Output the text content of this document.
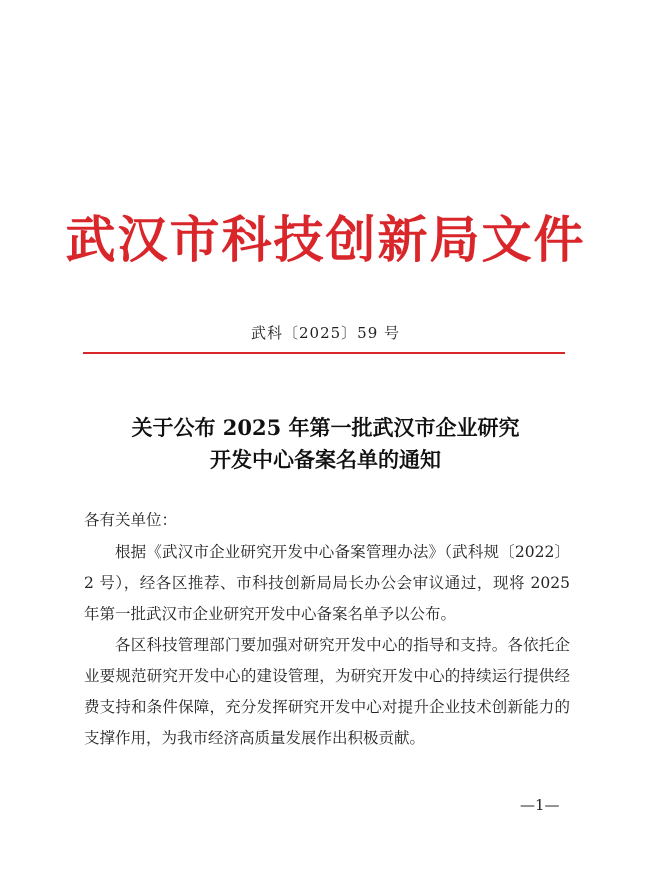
武汉市科技创新局文件
武科〔2025〕59 号
关于公布 2025 年第一批武汉市企业研究
开发中心备案名单的通知
各有关单位：

根据《武汉市企业研究开发中心备案管理办法》（武科规〔2022〕2 号），经各区推荐、市科技创新局局长办公会审议通过，现将 2025 年第一批武汉市企业研究开发中心备案名单予以公布。

各区科技管理部门要加强对研究开发中心的指导和支持。各依托企业要规范研究开发中心的建设管理，为研究开发中心的持续运行提供经费支持和条件保障，充分发挥研究开发中心对提升企业技术创新能力的支撑作用，为我市经济高质量发展作出积极贡献。

—1—
